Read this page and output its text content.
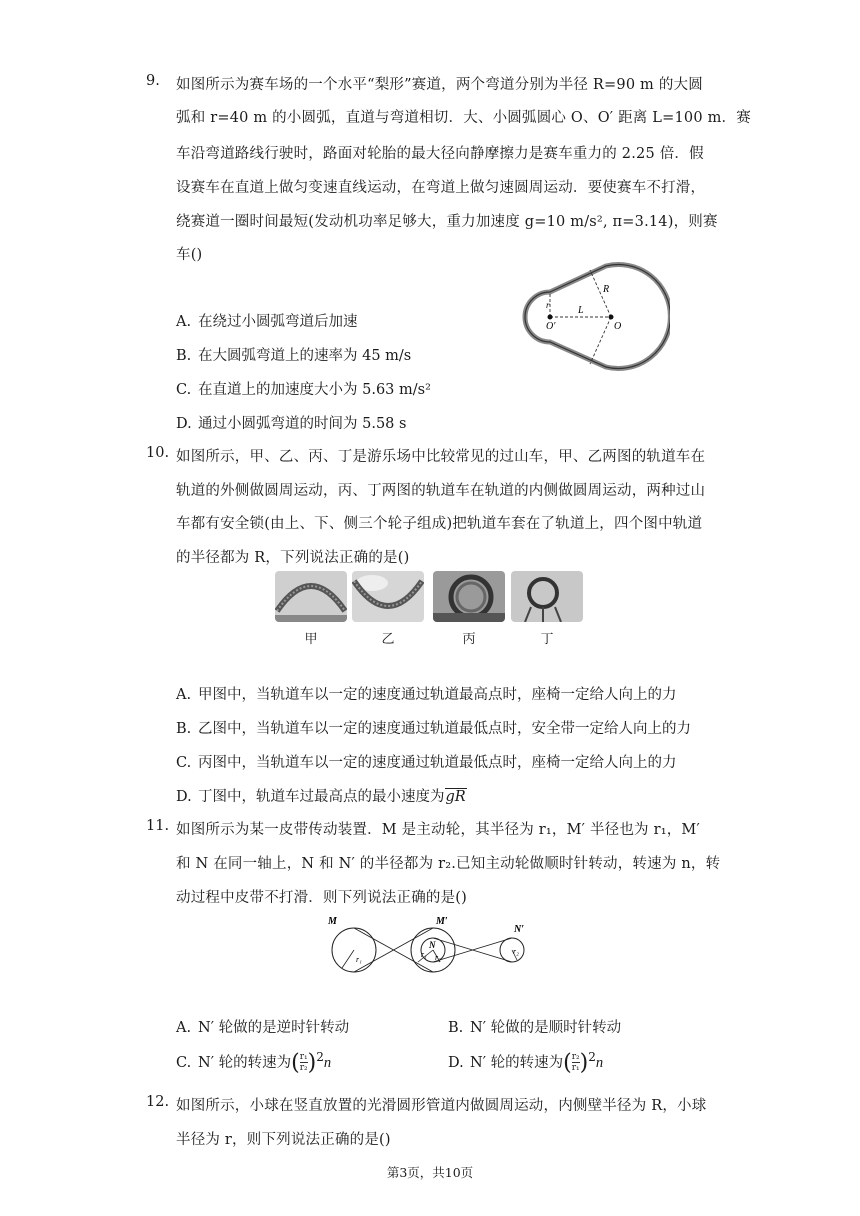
9. 如图所示为赛车场的一个水平“梨形”赛道，两个弯道分别为半径 R=90 m 的大圆
弧和 r=40 m 的小圆弧，直道与弯道相切．大、小圆弧圆心 O、O′ 距离 L=100 m．赛
车沿弯道路线行驶时，路面对轮胎的最大径向静摩擦力是赛车重力的 2.25 倍．假
设赛车在直道上做匀变速直线运动，在弯道上做匀速圆周运动．要使赛车不打滑，
绕赛道一圈时间最短(发动机功率足够大，重力加速度 g=10 m/s², π=3.14)，则赛
车()
r	L
R
O
O′
A. 在绕过小圆弧弯道后加速
B. 在大圆弧弯道上的速率为 45 m/s
C. 在直道上的加速度大小为 5.63 m/s²
D. 通过小圆弧弯道的时间为 5.58 s
10. 如图所示，甲、乙、丙、丁是游乐场中比较常见的过山车，甲、乙两图的轨道车在
轨道的外侧做圆周运动，丙、丁两图的轨道车在轨道的内侧做圆周运动，两种过山
车都有安全锁(由上、下、侧三个轮子组成)把轨道车套在了轨道上，四个图中轨道
的半径都为 R，下列说法正确的是()
甲	乙	丙	丁
A. 甲图中，当轨道车以一定的速度通过轨道最高点时，座椅一定给人向上的力
B. 乙图中，当轨道车以一定的速度通过轨道最低点时，安全带一定给人向上的力
C. 丙图中，当轨道车以一定的速度通过轨道最低点时，座椅一定给人向上的力
D. 丁图中，轨道车过最高点的最小速度为gR
11. 如图所示为某一皮带传动装置．M 是主动轮，其半径为 r₁，M′ 半径也为 r₁，M′
和 N 在同一轴上，N 和 N′ 的半径都为 r₂.已知主动轮做顺时针转动，转速为 n，转
动过程中皮带不打滑．则下列说法正确的是()
M	M′
N
N′
r₁
r₁ r₂
r₂
A. N′ 轮做的是逆时针转动	B. N′ 轮做的是顺时针转动
C. N′ 轮的转速为( $\frac{\text{r₁}}{\text{r₂}} )^2n$	D. N′ 轮的转速为( $\frac{\text{r₂}}{\text{r₁}} )^2n$
12. 如图所示，小球在竖直放置的光滑圆形管道内做圆周运动，内侧壁半径为 R，小球
半径为 r，则下列说法正确的是()
第3页，共10页
